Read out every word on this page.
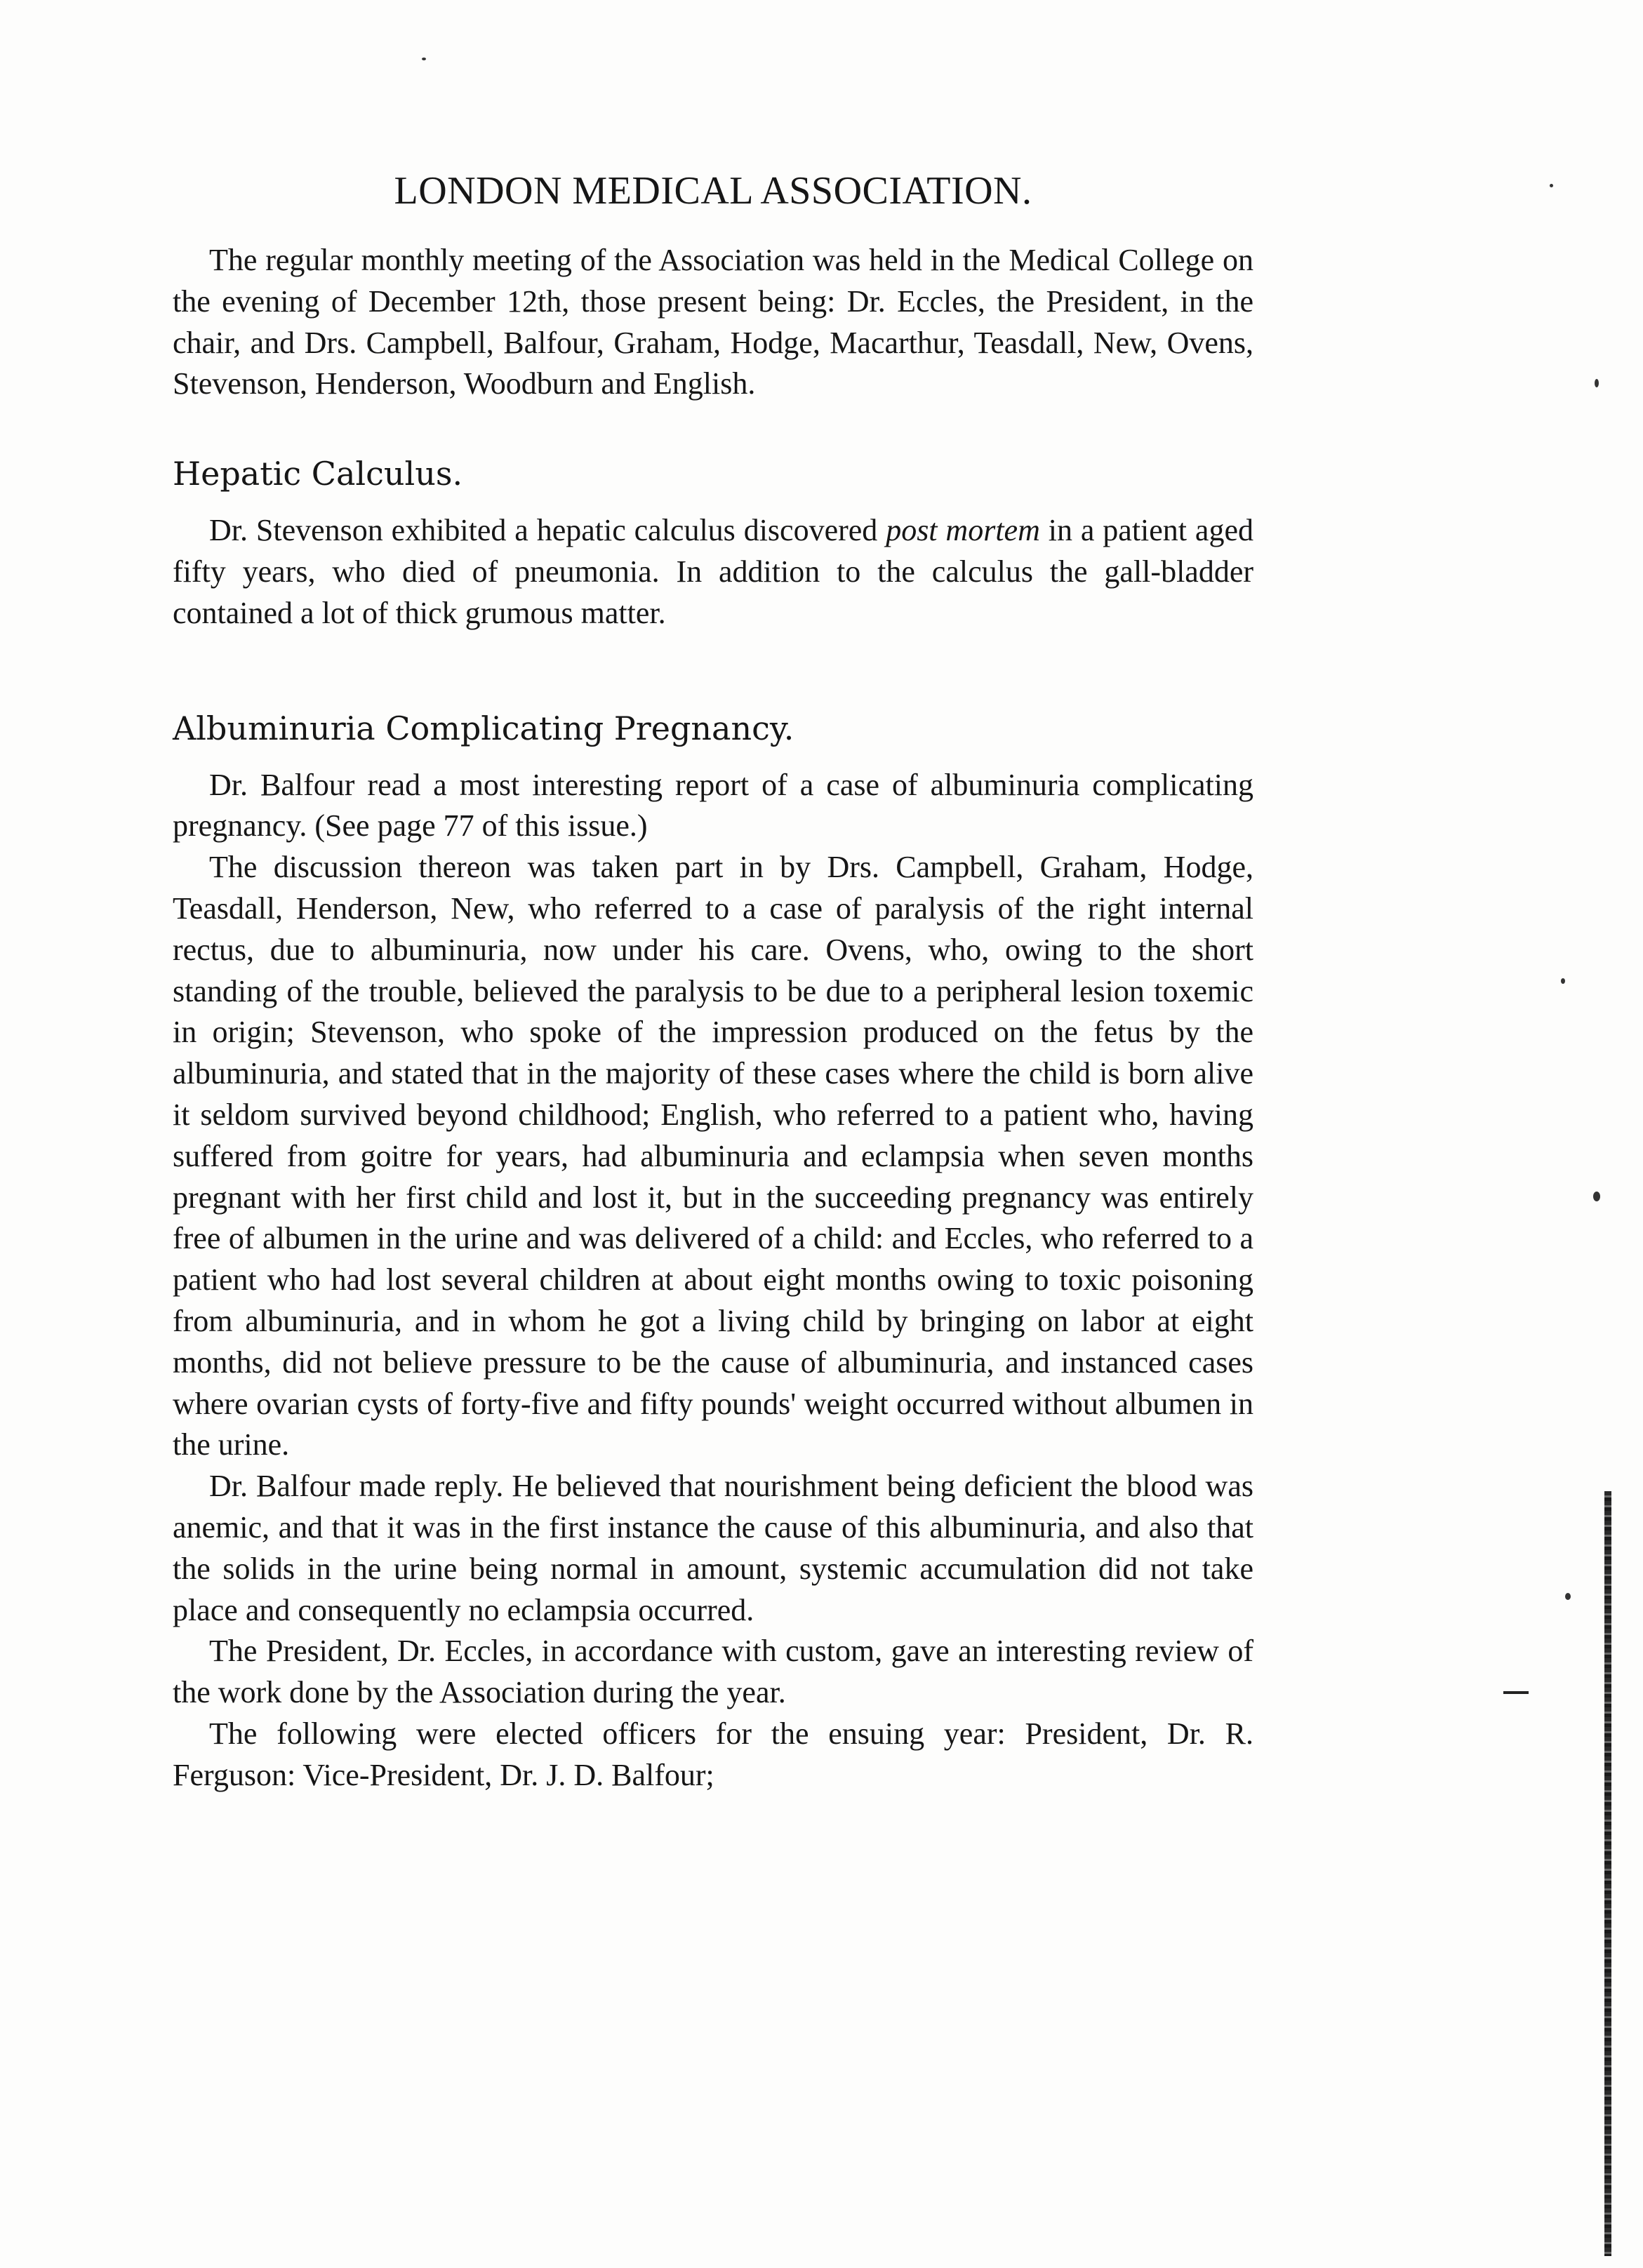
LONDON MEDICAL ASSOCIATION.

The regular monthly meeting of the Association was held in the Medical College on the evening of December 12th, those present being: Dr. Eccles, the President, in the chair, and Drs. Campbell, Balfour, Graham, Hodge, Macarthur, Teasdall, New, Ovens, Stevenson, Henderson, Woodburn and English.

Hepatic Calculus.

Dr. Stevenson exhibited a hepatic calculus discovered post mortem in a patient aged fifty years, who died of pneumonia. In addition to the calculus the gall-bladder contained a lot of thick grumous matter.

Albuminuria Complicating Pregnancy.

Dr. Balfour read a most interesting report of a case of albuminuria complicating pregnancy. (See page 77 of this issue.)

The discussion thereon was taken part in by Drs. Campbell, Graham, Hodge, Teasdall, Henderson, New, who referred to a case of paralysis of the right internal rectus, due to albuminuria, now under his care. Ovens, who, owing to the short standing of the trouble, believed the paralysis to be due to a peripheral lesion toxemic in origin; Stevenson, who spoke of the impression produced on the fetus by the albuminuria, and stated that in the majority of these cases where the child is born alive it seldom survived beyond childhood; English, who referred to a patient who, having suffered from goitre for years, had albuminuria and eclampsia when seven months pregnant with her first child and lost it, but in the succeeding pregnancy was entirely free of albumen in the urine and was delivered of a child: and Eccles, who referred to a patient who had lost several children at about eight months owing to toxic poisoning from albuminuria, and in whom he got a living child by bringing on labor at eight months, did not believe pressure to be the cause of albuminuria, and instanced cases where ovarian cysts of forty-five and fifty pounds' weight occurred without albumen in the urine.

Dr. Balfour made reply. He believed that nourishment being deficient the blood was anemic, and that it was in the first instance the cause of this albuminuria, and also that the solids in the urine being normal in amount, systemic accumulation did not take place and consequently no eclampsia occurred.

The President, Dr. Eccles, in accordance with custom, gave an interesting review of the work done by the Association during the year.

The following were elected officers for the ensuing year: President, Dr. R. Ferguson: Vice-President, Dr. J. D. Balfour;
